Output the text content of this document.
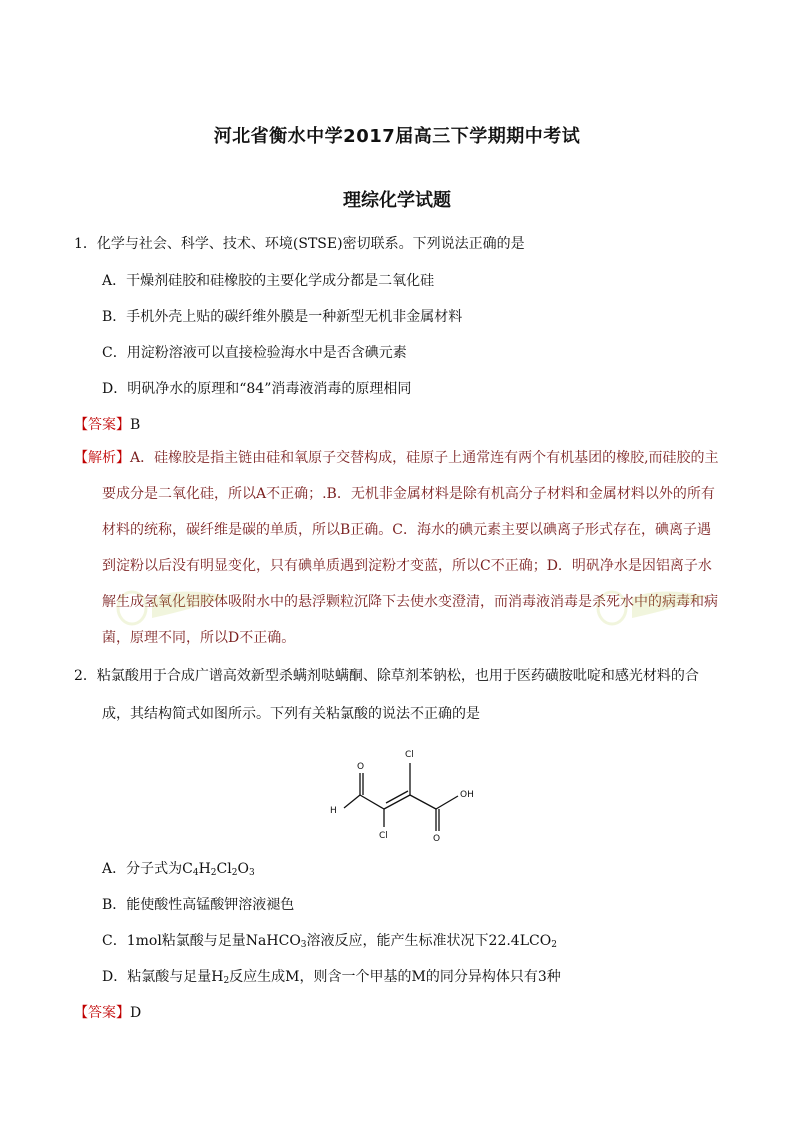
河北省衡水中学2017届高三下学期期中考试
理综化学试题
1．化学与社会、科学、技术、环境(STSE)密切联系。下列说法正确的是
A．干燥剂硅胶和硅橡胶的主要化学成分都是二氧化硅
B．手机外壳上贴的碳纤维外膜是一种新型无机非金属材料
C．用淀粉溶液可以直接检验海水中是否含碘元素
D．明矾净水的原理和“84”消毒液消毒的原理相同
【答案】B
【解析】A．硅橡胶是指主链由硅和氧原子交替构成，硅原子上通常连有两个有机基团的橡胶,而硅胶的主
要成分是二氧化硅，所以A不正确；.B．无机非金属材料是除有机高分子材料和金属材料以外的所有
材料的统称，碳纤维是碳的单质，所以B正确。C．海水的碘元素主要以碘离子形式存在，碘离子遇
到淀粉以后没有明显变化，只有碘单质遇到淀粉才变蓝，所以C不正确；D．明矾净水是因铝离子水
解生成氢氧化铝胶体吸附水中的悬浮颗粒沉降下去使水变澄清，而消毒液消毒是杀死水中的病毒和病
菌，原理不同，所以D不正确。
2．粘氯酸用于合成广谱高效新型杀螨剂哒螨酮、除草剂苯钠松，也用于医药磺胺吡啶和感光材料的合
成，其结构简式如图所示。下列有关粘氯酸的说法不正确的是
H
O
Cl
Cl	O
OH
A．分子式为$C_4H_2Cl_2O_3$
B．能使酸性高锰酸钾溶液褪色
C．1mol粘氯酸与足量NaHCO$_3$溶液反应，能产生标准状况下$22.4LCO_2$
D．粘氯酸与足量$H_2$反应生成M，则含一个甲基的M的同分异构体只有3种
【答案】D
